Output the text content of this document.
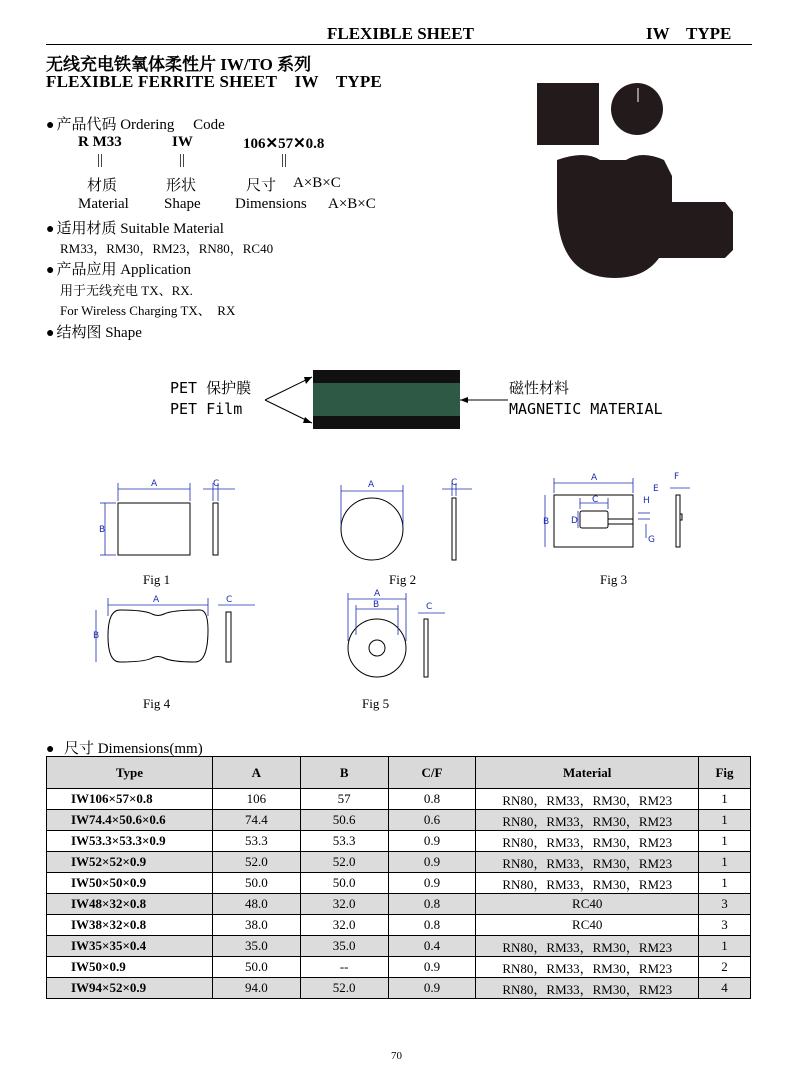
FLEXIBLE SHEET	IW    TYPE
无线充电铁氧体柔性片 IW/TO 系列
FLEXIBLE FERRITE SHEET    IW    TYPE
● 产品代码 Ordering     Code
R M33	IW	106✕57✕0.8
||	||	||
材质	形状	尺寸 A×B×C
Material Shape Dimensions A×B×C
● 适用材质 Suitable Material
RM33，RM30，RM23，RN80，RC40
● 产品应用 Application
用于无线充电 TX、RX.
For Wireless Charging TX、  RX
● 结构图 Shape
PET 保护膜
PET Film
磁性材料
MAGNETIC MATERIAL
A
B
C
Fig 1
A	C
Fig 2
A
C
B D
H
G
E
F
Fig 3
A
B
C
Fig 4
A
B	C
Fig 5
● 尺寸 Dimensions(mm)
Type	A	B	C/F	Material	Fig
IW106×57×0.8	106	57	0.8	RN80，RM33，RM30，RM23	1
IW74.4×50.6×0.6	74.4	50.6	0.6	RN80，RM33，RM30，RM23	1
IW53.3×53.3×0.9	53.3	53.3	0.9	RN80，RM33，RM30，RM23	1
IW52×52×0.9	52.0	52.0	0.9	RN80，RM33，RM30，RM23	1
IW50×50×0.9	50.0	50.0	0.9	RN80，RM33，RM30，RM23	1
IW48×32×0.8	48.0	32.0	0.8	RC40	3
IW38×32×0.8	38.0	32.0	0.8	RC40	3
IW35×35×0.4	35.0	35.0	0.4	RN80，RM33，RM30，RM23	1
IW50×0.9	50.0	--	0.9	RN80，RM33，RM30，RM23	2
IW94×52×0.9	94.0	52.0	0.9	RN80，RM33，RM30，RM23	4
70
